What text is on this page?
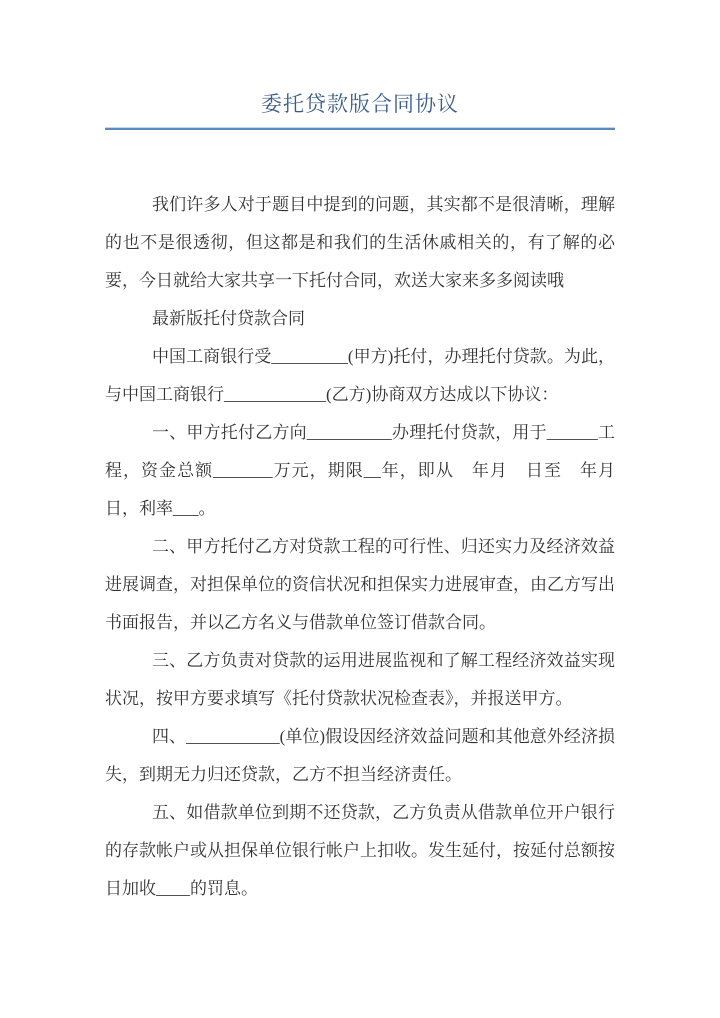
委托贷款版合同协议

我们许多人对于题目中提到的问题，其实都不是很清晰，理解的也不是很透彻，但这都是和我们的生活休戚相关的，有了解的必要，今日就给大家共享一下托付合同，欢送大家来多多阅读哦

最新版托付贷款合同

中国工商银行受_________(甲方)托付，办理托付贷款。为此，与中国工商银行____________(乙方)协商双方达成以下协议：

一、甲方托付乙方向__________办理托付贷款，用于______工程，资金总额_______万元，期限__年，即从　年月　日至　年月日，利率___。

二、甲方托付乙方对贷款工程的可行性、归还实力及经济效益进展调查，对担保单位的资信状况和担保实力进展审查，由乙方写出书面报告，并以乙方名义与借款单位签订借款合同。

三、乙方负责对贷款的运用进展监视和了解工程经济效益实现状况，按甲方要求填写《托付贷款状况检查表》，并报送甲方。

四、___________(单位)假设因经济效益问题和其他意外经济损失，到期无力归还贷款，乙方不担当经济责任。

五、如借款单位到期不还贷款，乙方负责从借款单位开户银行的存款帐户或从担保单位银行帐户上扣收。发生延付，按延付总额按日加收____的罚息。
